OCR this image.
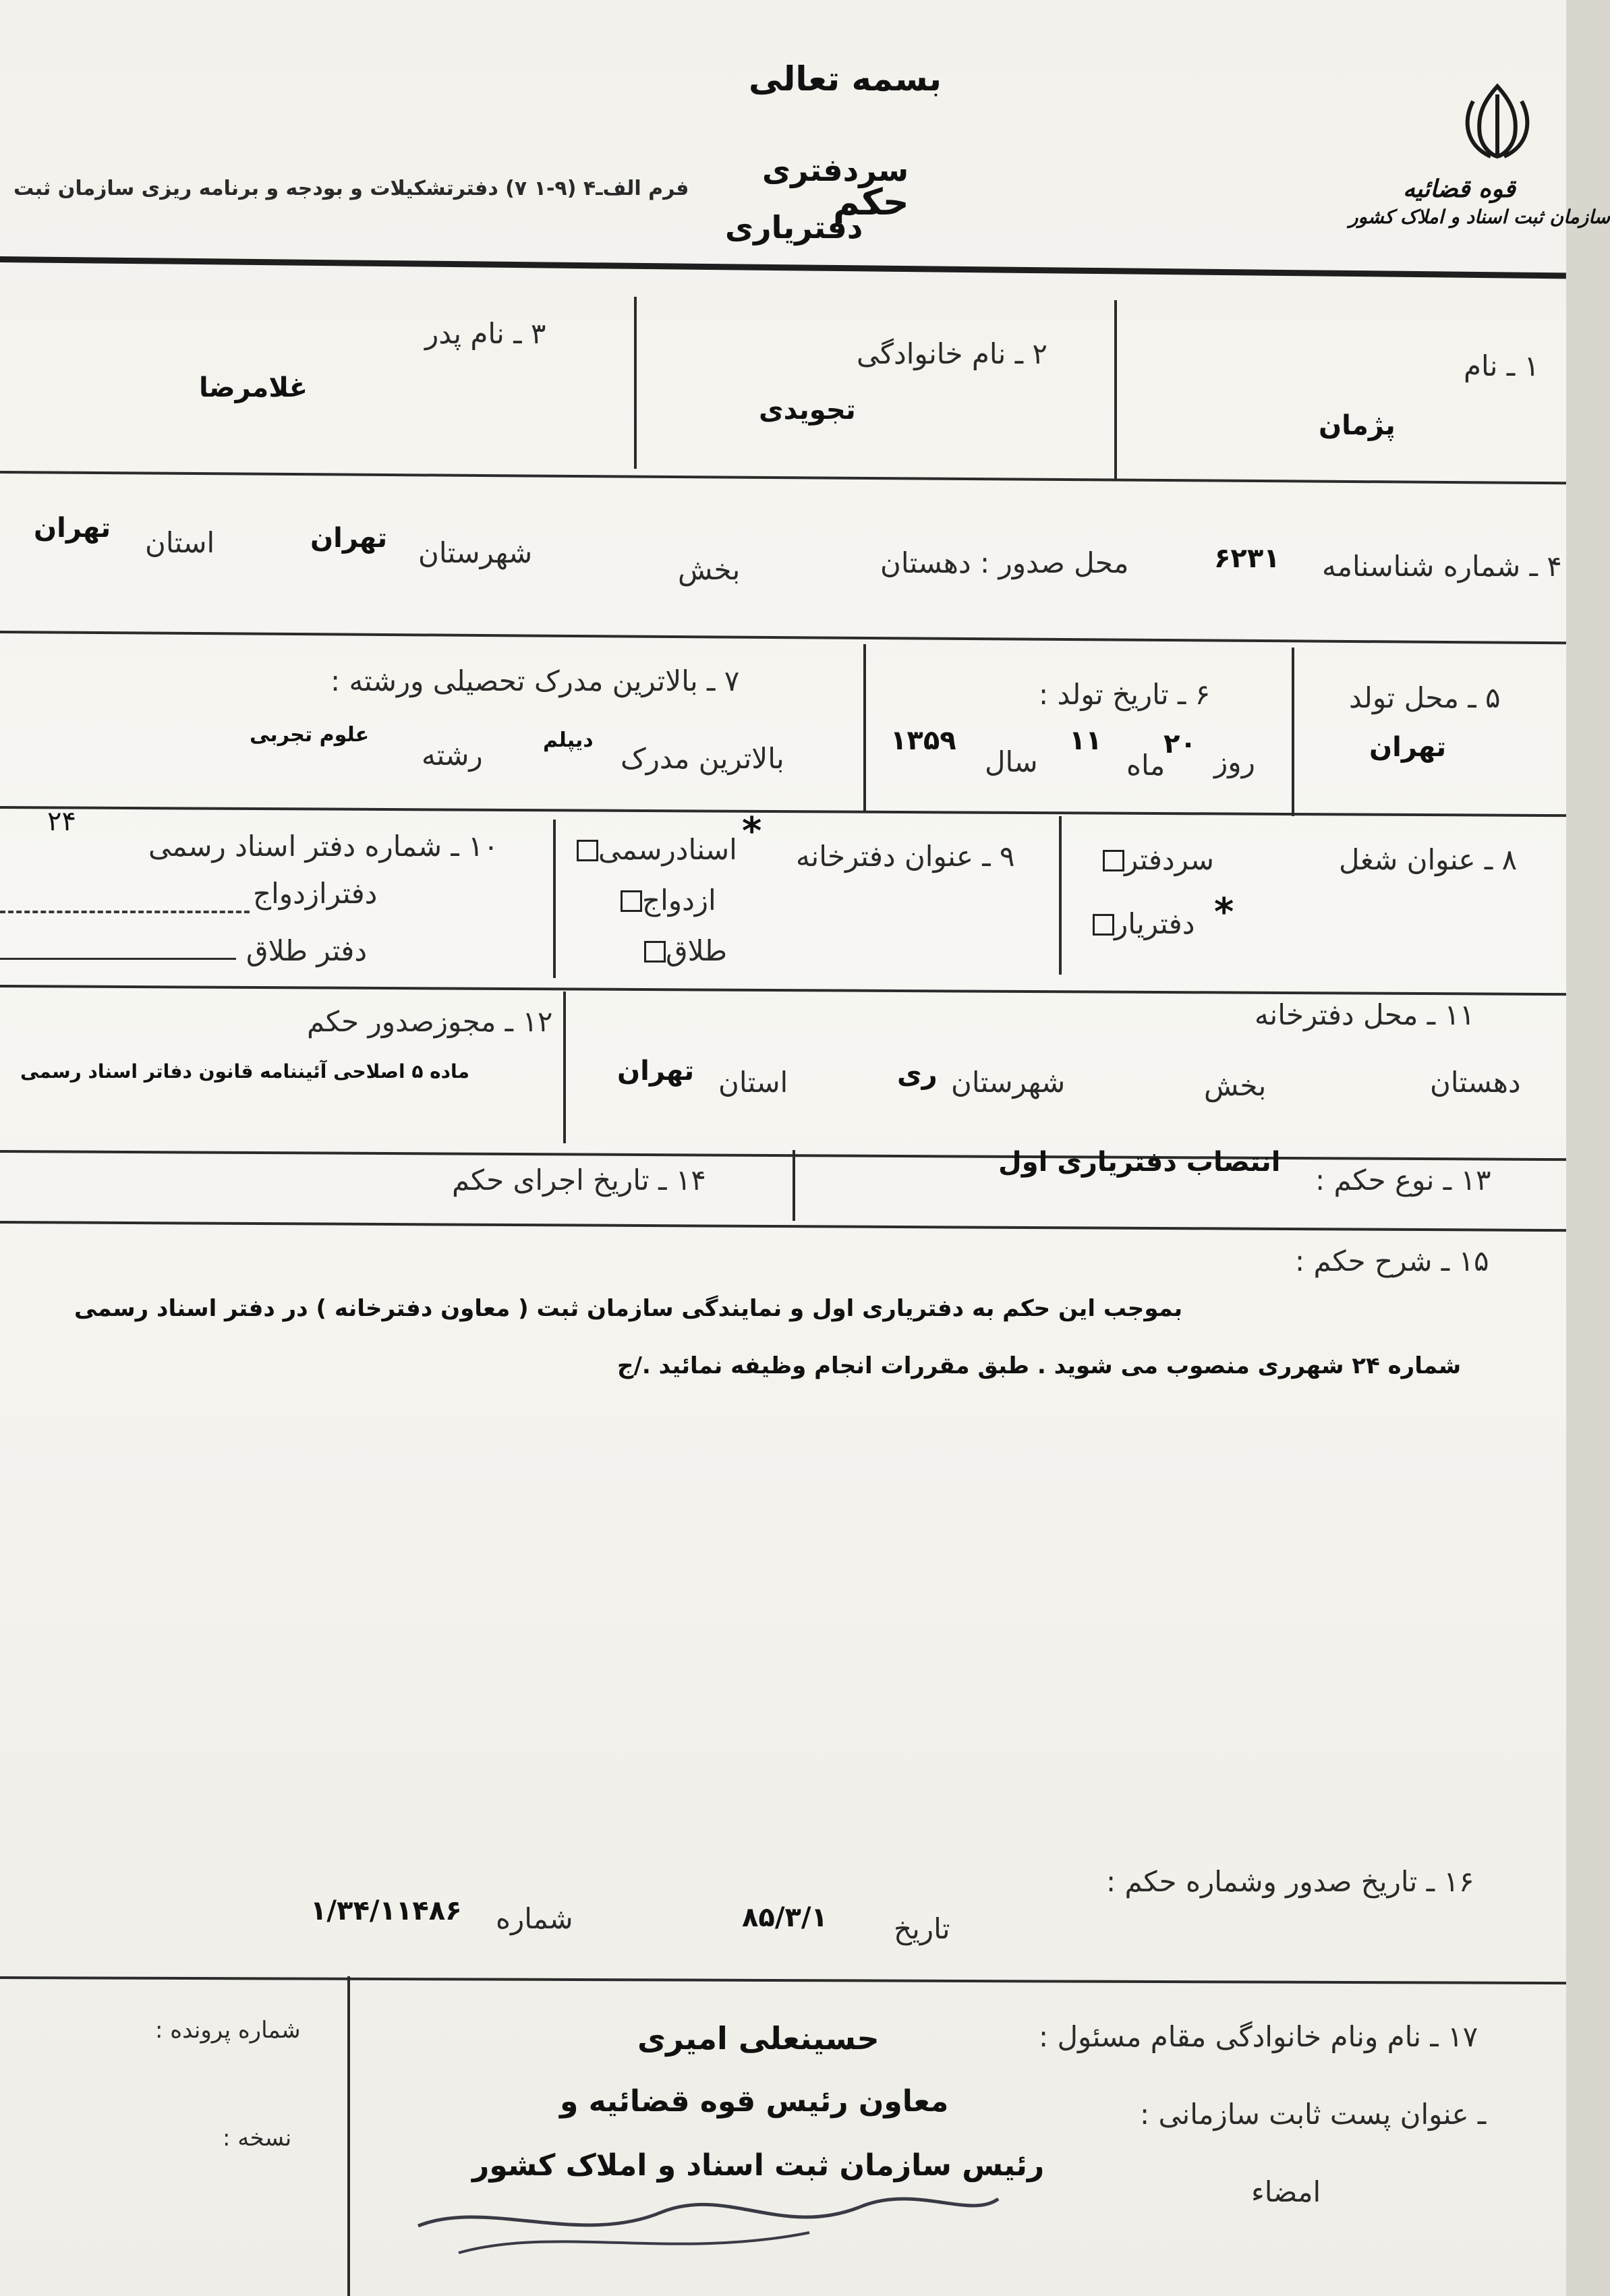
بسمه تعالی
فرم الف‌ـ۴ (۹-۱ ۷) دفترتشکیلات و بودجه و برنامه ریزی سازمان ثبت
سردفتری
حکم
دفتریاری
قوه قضائیه
سازمان ثبت اسناد و املاک کشور
۱ ـ نام
پژمان
۲ ـ نام خانوادگی
تجویدی
۳ ـ نام پدر
غلامرضا
۴ ـ شماره شناسنامه
۶۲۳۱
محل صدور : دهستان
بخش
شهرستان
تهران
استان
تهران
۵ ـ محل تولد
تهران
۶ ـ تاریخ تولد :
روز
۲۰
ماه
۱۱
سال
۱۳۵۹
۷ ـ بالاترین مدرک تحصیلی ورشته :
بالاترین مدرک
دیپلم
رشته
علوم تجربی
۸ ـ عنوان شغل
سردفتر
دفتریار *
۹ ـ عنوان دفترخانه
اسنادرسمی *
ازدواج
طلاق
۲۴
۱۰ ـ شماره دفتر اسناد رسمی
دفترازدواج
دفتر طلاق
۱۱ ـ محل دفترخانه
دهستان
بخش
شهرستان
ری
استان
تهران
۱۲ ـ مجوزصدور حکم
ماده ۵ اصلاحی آئیننامه قانون دفاتر اسناد رسمی
۱۳ ـ نوع حکم :
انتصاب دفتریاری اول
۱۴ ـ تاریخ اجرای حکم
۱۵ ـ شرح حکم :
بموجب این حکم به دفتریاری اول و نمایندگی سازمان ثبت ( معاون دفترخانه ) در دفتر اسناد رسمی
شماره ۲۴ شهرری منصوب می شوید . طبق مقررات انجام وظیفه نمائید ./ج
۱۶ ـ تاریخ صدور وشماره حکم :
تاریخ
۸۵/۳/۱
شماره
۱/۳۴/۱۱۴۸۶
۱۷ ـ نام ونام خانوادگی مقام مسئول :
ـ عنوان پست ثابت سازمانی :
امضاء
حسینعلی امیری
معاون رئیس قوه قضائیه و
رئیس سازمان ثبت اسناد و املاک کشور
شماره پرونده :
نسخه :
